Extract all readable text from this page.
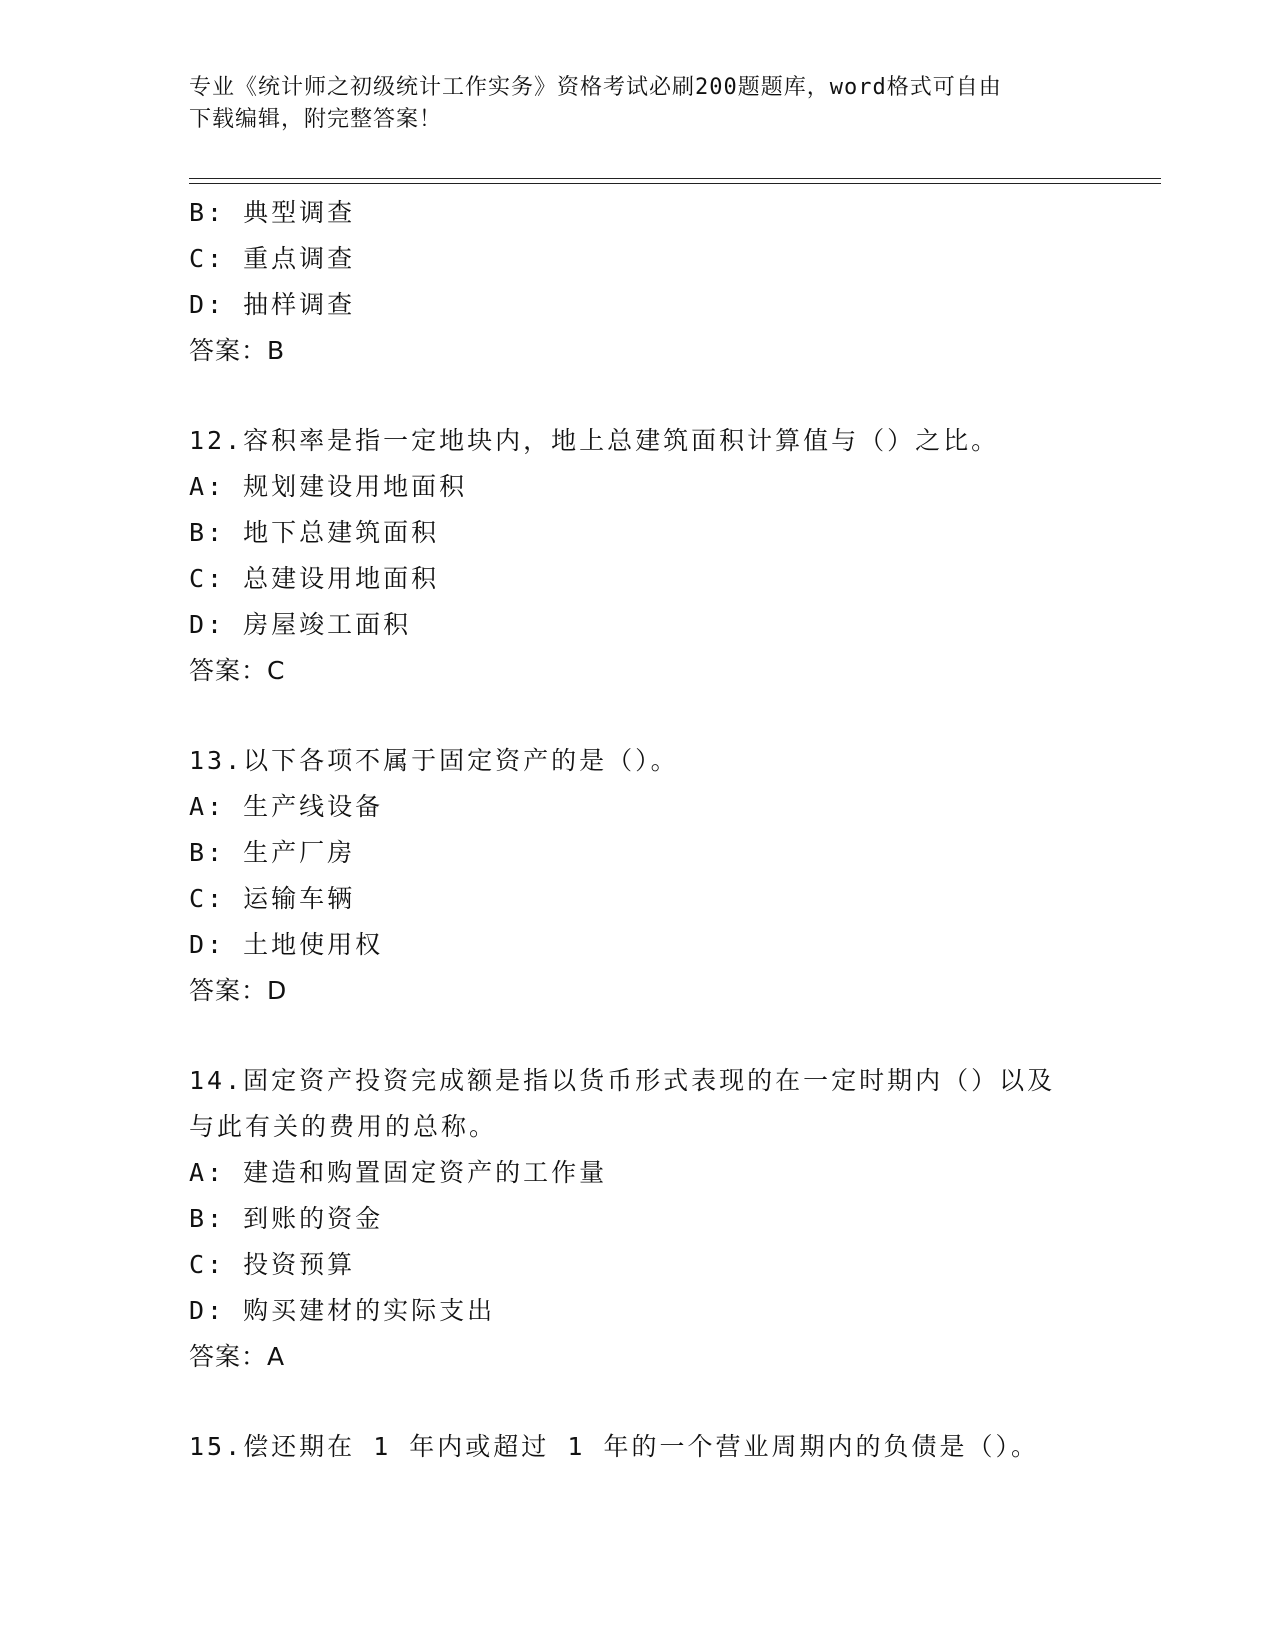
专业《统计师之初级统计工作实务》资格考试必刷200题题库，word格式可自由
下载编辑，附完整答案！
B: 典型调查
C: 重点调查
D: 抽样调查
答案：B
12.容积率是指一定地块内，地上总建筑面积计算值与（）之比。
A: 规划建设用地面积
B: 地下总建筑面积
C: 总建设用地面积
D: 房屋竣工面积
答案：C
13.以下各项不属于固定资产的是（）。
A: 生产线设备
B: 生产厂房
C: 运输车辆
D: 土地使用权
答案：D
14.固定资产投资完成额是指以货币形式表现的在一定时期内（）以及
与此有关的费用的总称。
A: 建造和购置固定资产的工作量
B: 到账的资金
C: 投资预算
D: 购买建材的实际支出
答案：A
15.偿还期在 1 年内或超过 1 年的一个营业周期内的负债是（）。
